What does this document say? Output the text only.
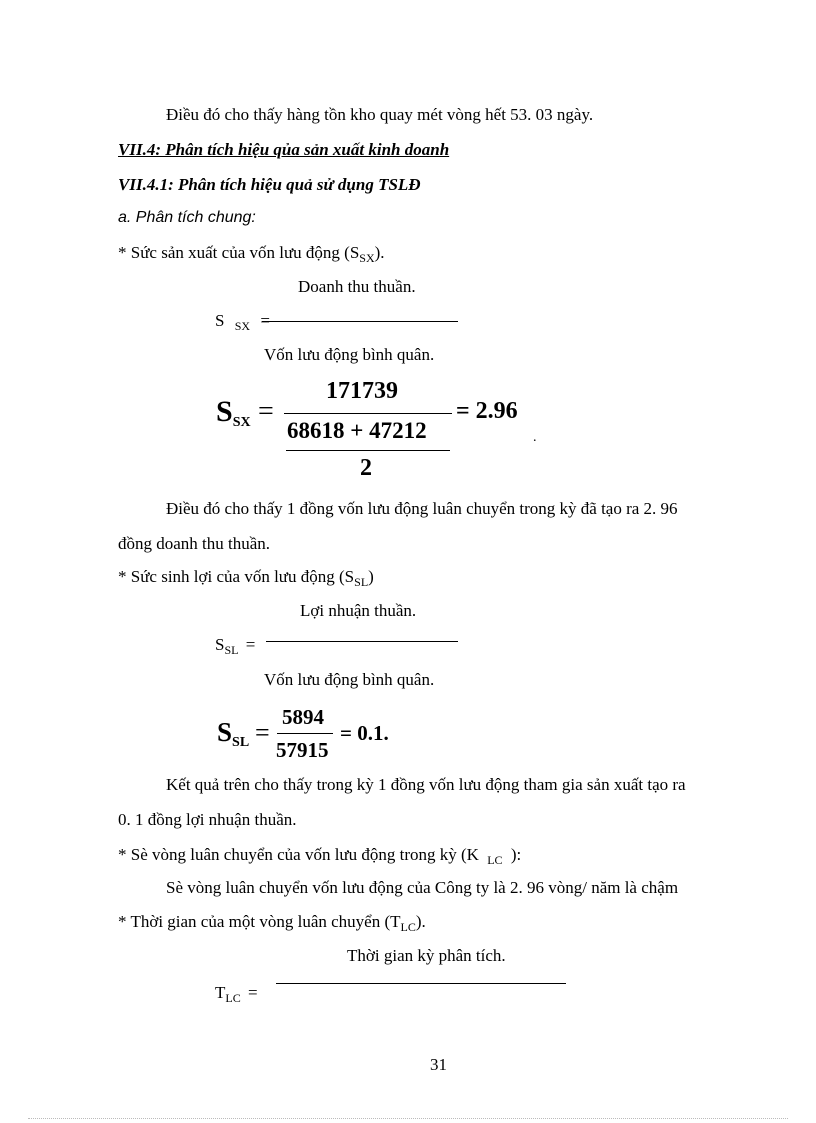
Điều đó cho thấy hàng tồn kho quay mét vòng hết 53. 03 ngày.
VII.4: Phân tích hiệu qủa sản xuất kinh doanh
VII.4.1: Phân tích hiệu quả sử dụng TSLĐ
a. Phân tích chung:
* Sức sản xuất của vốn lưu động $(S_{SX})$.
Doanh thu thuần.
S $_{SX}$ =
Vốn lưu động bình quân.
SSX =
171739
68618 + 47212
2
= 2.96
.
Điều đó cho thấy 1 đồng vốn lưu động luân chuyển trong kỳ đã tạo ra 2. 96
đồng doanh thu thuần.
* Sức sinh lợi của vốn lưu động $(S_{SL})$
Lợi nhuận thuần.
$S_{SL}$ =
Vốn lưu động bình quân.
SSL =
5894
57915
= 0.1.
Kết quả trên cho thấy trong kỳ 1 đồng vốn lưu động tham gia sản xuất tạo ra
0. 1 đồng lợi nhuận thuần.
* Sè vòng luân chuyển của vốn lưu động trong kỳ (K $_{LC}$ ):
Sè vòng luân chuyển vốn lưu động của Công ty là 2. 96 vòng/ năm là chậm
* Thời gian của một vòng luân chuyển $(T_{LC})$.
Thời gian kỳ phân tích.
$T_{LC}$ =
31
